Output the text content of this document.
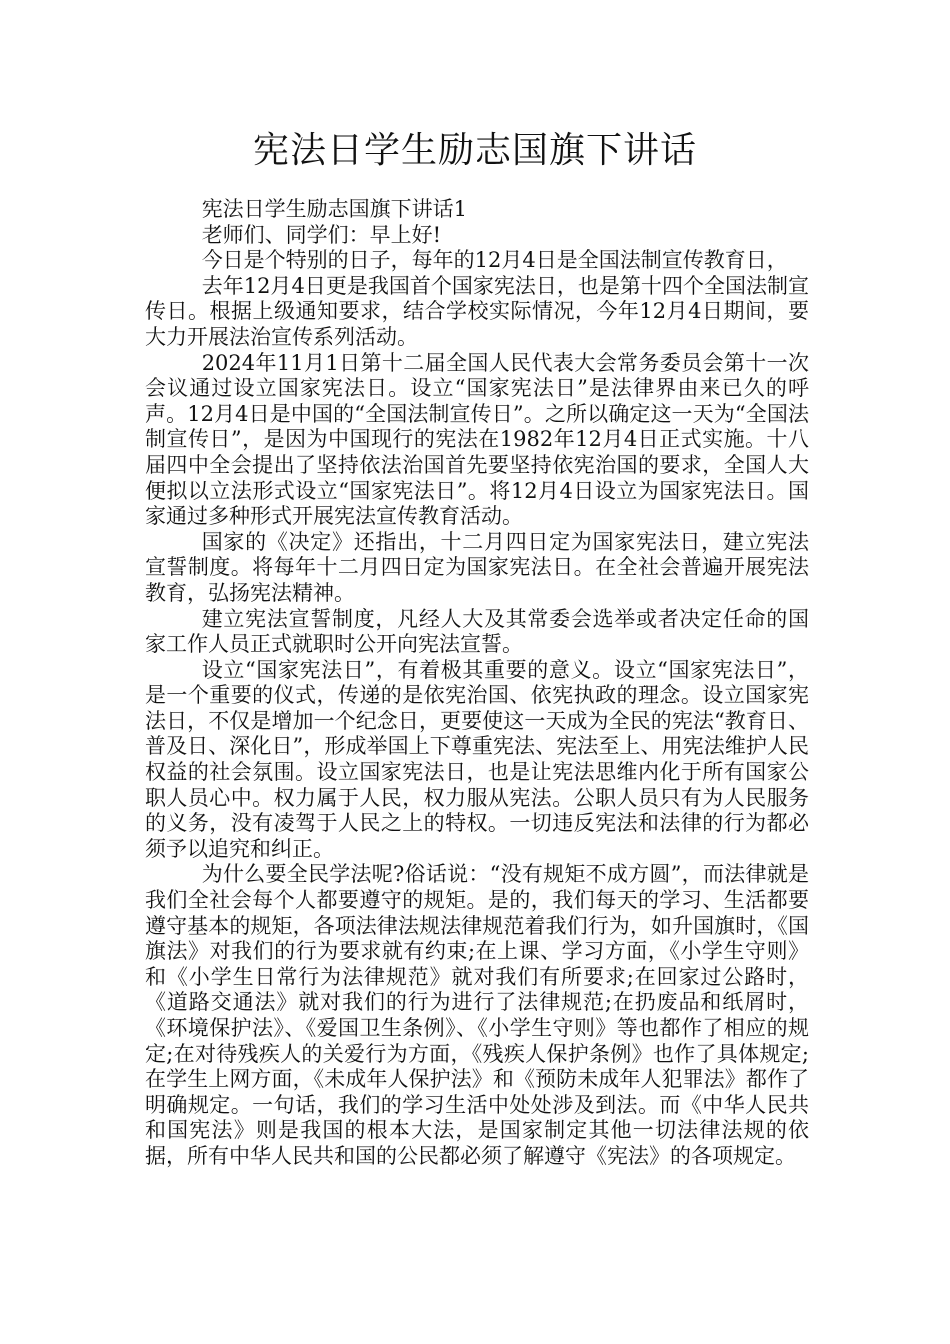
宪法日学生励志国旗下讲话

宪法日学生励志国旗下讲话1

老师们、同学们：早上好!

今日是个特别的日子，每年的12月4日是全国法制宣传教育日，

去年12月4日更是我国首个国家宪法日，也是第十四个全国法制宣传日。根据上级通知要求，结合学校实际情况，今年12月4日期间，要大力开展法治宣传系列活动。

2024年11月1日第十二届全国人民代表大会常务委员会第十一次会议通过设立国家宪法日。设立“国家宪法日”是法律界由来已久的呼声。12月4日是中国的“全国法制宣传日”。之所以确定这一天为“全国法制宣传日”，是因为中国现行的宪法在1982年12月4日正式实施。十八届四中全会提出了坚持依法治国首先要坚持依宪治国的要求，全国人大便拟以立法形式设立“国家宪法日”。将12月4日设立为国家宪法日。国家通过多种形式开展宪法宣传教育活动。

国家的《决定》还指出，十二月四日定为国家宪法日，建立宪法宣誓制度。将每年十二月四日定为国家宪法日。在全社会普遍开展宪法教育，弘扬宪法精神。

建立宪法宣誓制度，凡经人大及其常委会选举或者决定任命的国家工作人员正式就职时公开向宪法宣誓。

设立“国家宪法日”，有着极其重要的意义。设立“国家宪法日”，是一个重要的仪式，传递的是依宪治国、依宪执政的理念。设立国家宪法日，不仅是增加一个纪念日，更要使这一天成为全民的宪法“教育日、普及日、深化日”，形成举国上下尊重宪法、宪法至上、用宪法维护人民权益的社会氛围。设立国家宪法日，也是让宪法思维内化于所有国家公职人员心中。权力属于人民，权力服从宪法。公职人员只有为人民服务的义务，没有凌驾于人民之上的特权。一切违反宪法和法律的行为都必须予以追究和纠正。

为什么要全民学法呢?俗话说：“没有规矩不成方圆”，而法律就是我们全社会每个人都要遵守的规矩。是的，我们每天的学习、生活都要遵守基本的规矩，各项法律法规法律规范着我们行为，如升国旗时，《国旗法》对我们的行为要求就有约束;在上课、学习方面，《小学生守则》和《小学生日常行为法律规范》就对我们有所要求;在回家过公路时，《道路交通法》就对我们的行为进行了法律规范;在扔废品和纸屑时，《环境保护法》、《爱国卫生条例》、《小学生守则》等也都作了相应的规定;在对待残疾人的关爱行为方面，《残疾人保护条例》也作了具体规定;在学生上网方面，《未成年人保护法》和《预防未成年人犯罪法》都作了明确规定。一句话，我们的学习生活中处处涉及到法。而《中华人民共和国宪法》则是我国的根本大法，是国家制定其他一切法律法规的依据，所有中华人民共和国的公民都必须了解遵守《宪法》的各项规定。
